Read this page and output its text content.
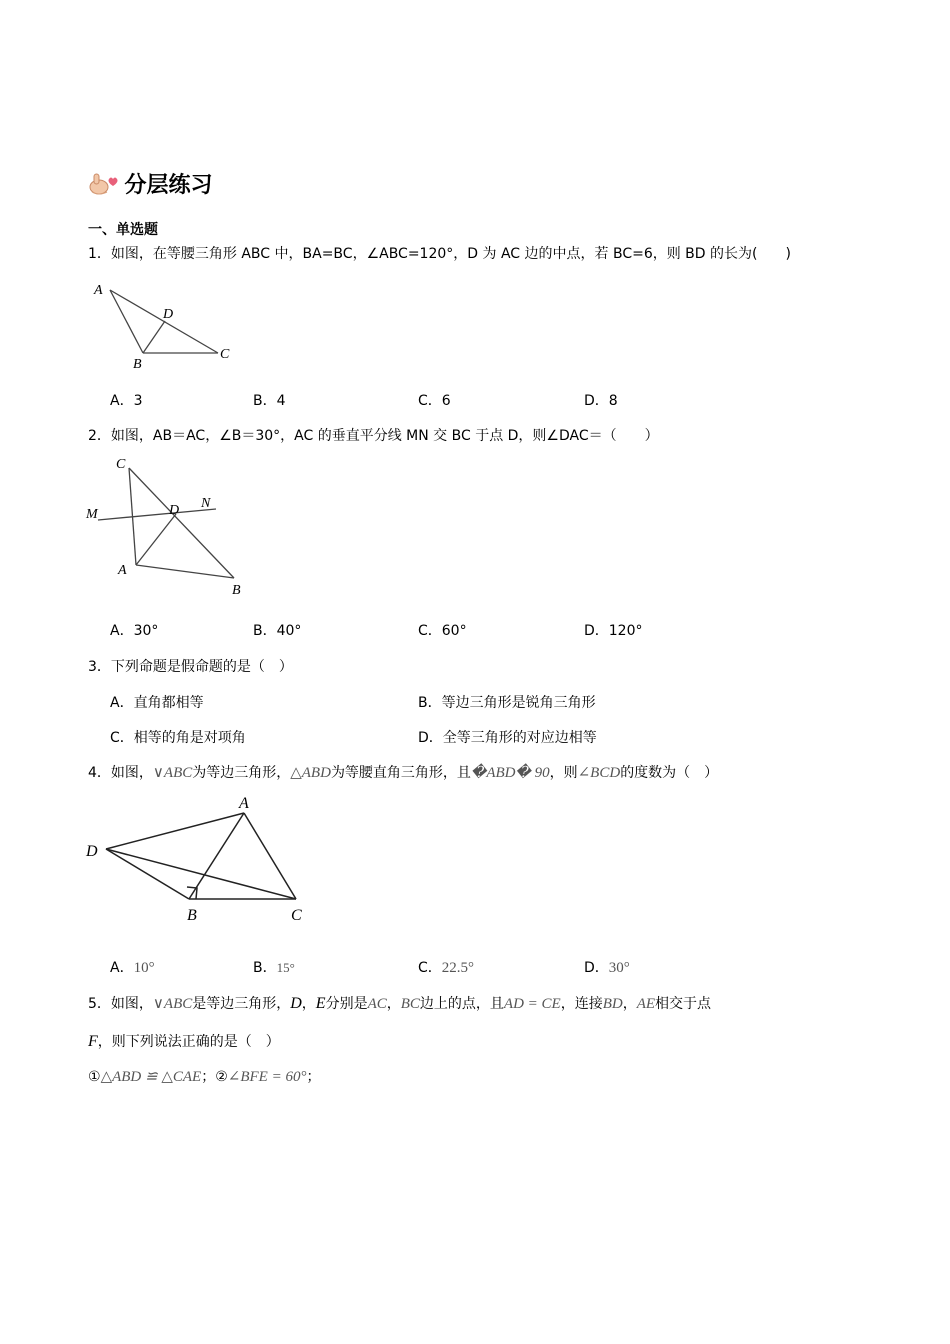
分层练习
一、单选题
1．如图，在等腰三角形 ABC 中，BA=BC，∠ABC=120°，D 为 AC 边的中点，若 BC=6，则 BD 的长为(　　)
A
D
B
C
A．3	B．4	C．6	D．8
2．如图，AB＝AC，∠B＝30°，AC 的垂直平分线 MN 交 BC 于点 D，则∠DAC＝（　　）
C
M	D N
A
B
A．30°	B．40°	C．60°	D．120°
3．下列命题是假命题的是（　）
A．直角都相等	B．等边三角形是锐角三角形
C．相等的角是对项角	D．全等三角形的对应边相等
4．如图，∨ABC为等边三角形，△ABD为等腰直角三角形，且�ABD� 90，则∠BCD的度数为（　）
A
D
B	C
A．10°	B．15°	C．22.5°	D．30°
5．如图，∨ABC是等边三角形，D，E分别是AC，BC边上的点，且AD = CE，连接BD，AE相交于点
F，则下列说法正确的是（　）
①△ABD ≌ △CAE；②∠BFE = 60°；
